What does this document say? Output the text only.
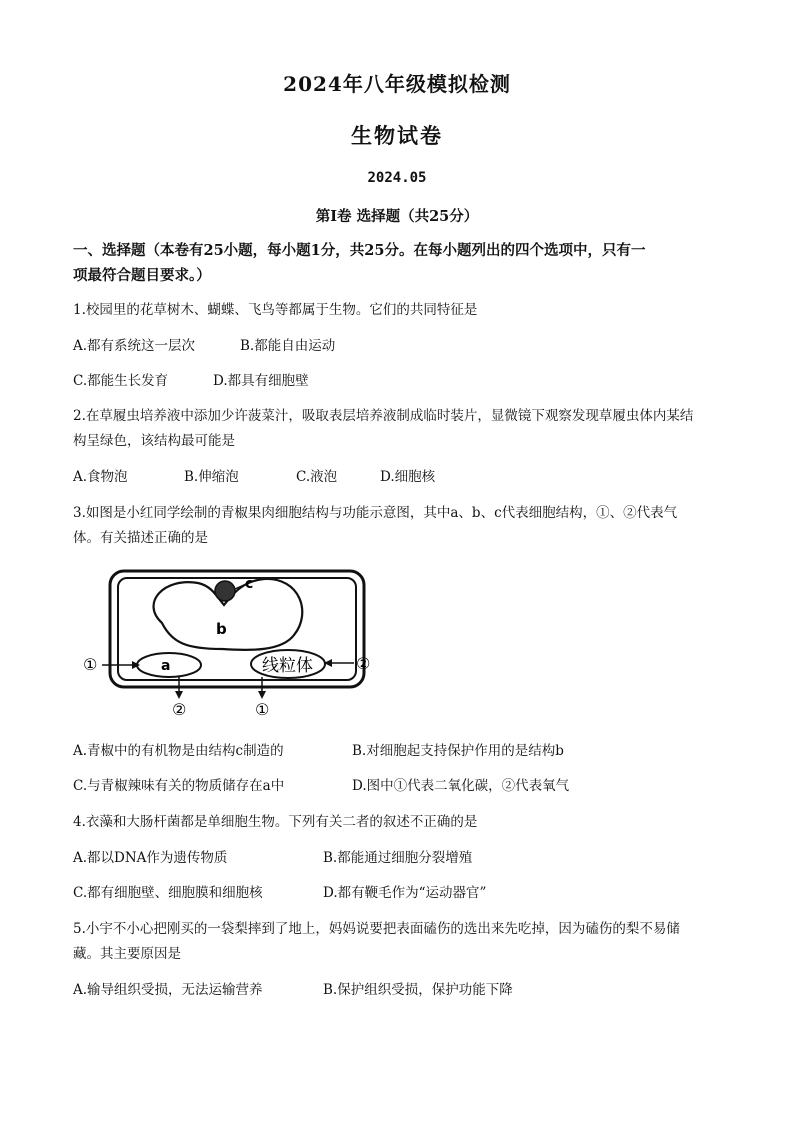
2024年八年级模拟检测
生物试卷
2024.05
第Ⅰ卷 选择题（共25分）
一、选择题（本卷有25小题，每小题1分，共25分。在每小题列出的四个选项中，只有一
项最符合题目要求。）
1.校园里的花草树木、蝴蝶、飞鸟等都属于生物。它们的共同特征是
A.都有系统这一层次	B.都能自由运动
C.都能生长发育	D.都具有细胞壁
2.在草履虫培养液中添加少许菠菜汁，吸取表层培养液制成临时装片，显微镜下观察发现草履虫体内某结
构呈绿色，该结构最可能是
A.食物泡	B.伸缩泡	C.液泡	D.细胞核
3.如图是小红同学绘制的青椒果肉细胞结构与功能示意图，其中a、b、c代表细胞结构，①、②代表气
体。有关描述正确的是
c
b
a	线粒体
①
②
②
①
A.青椒中的有机物是由结构c制造的	B.对细胞起支持保护作用的是结构b
C.与青椒辣味有关的物质储存在a中	D.图中①代表二氧化碳，②代表氧气
4.衣藻和大肠杆菌都是单细胞生物。下列有关二者的叙述不正确的是
A.都以DNA作为遗传物质	B.都能通过细胞分裂增殖
C.都有细胞壁、细胞膜和细胞核	D.都有鞭毛作为“运动器官”
5.小宇不小心把刚买的一袋梨摔到了地上，妈妈说要把表面磕伤的选出来先吃掉，因为磕伤的梨不易储
藏。其主要原因是
A.输导组织受损，无法运输营养	B.保护组织受损，保护功能下降
